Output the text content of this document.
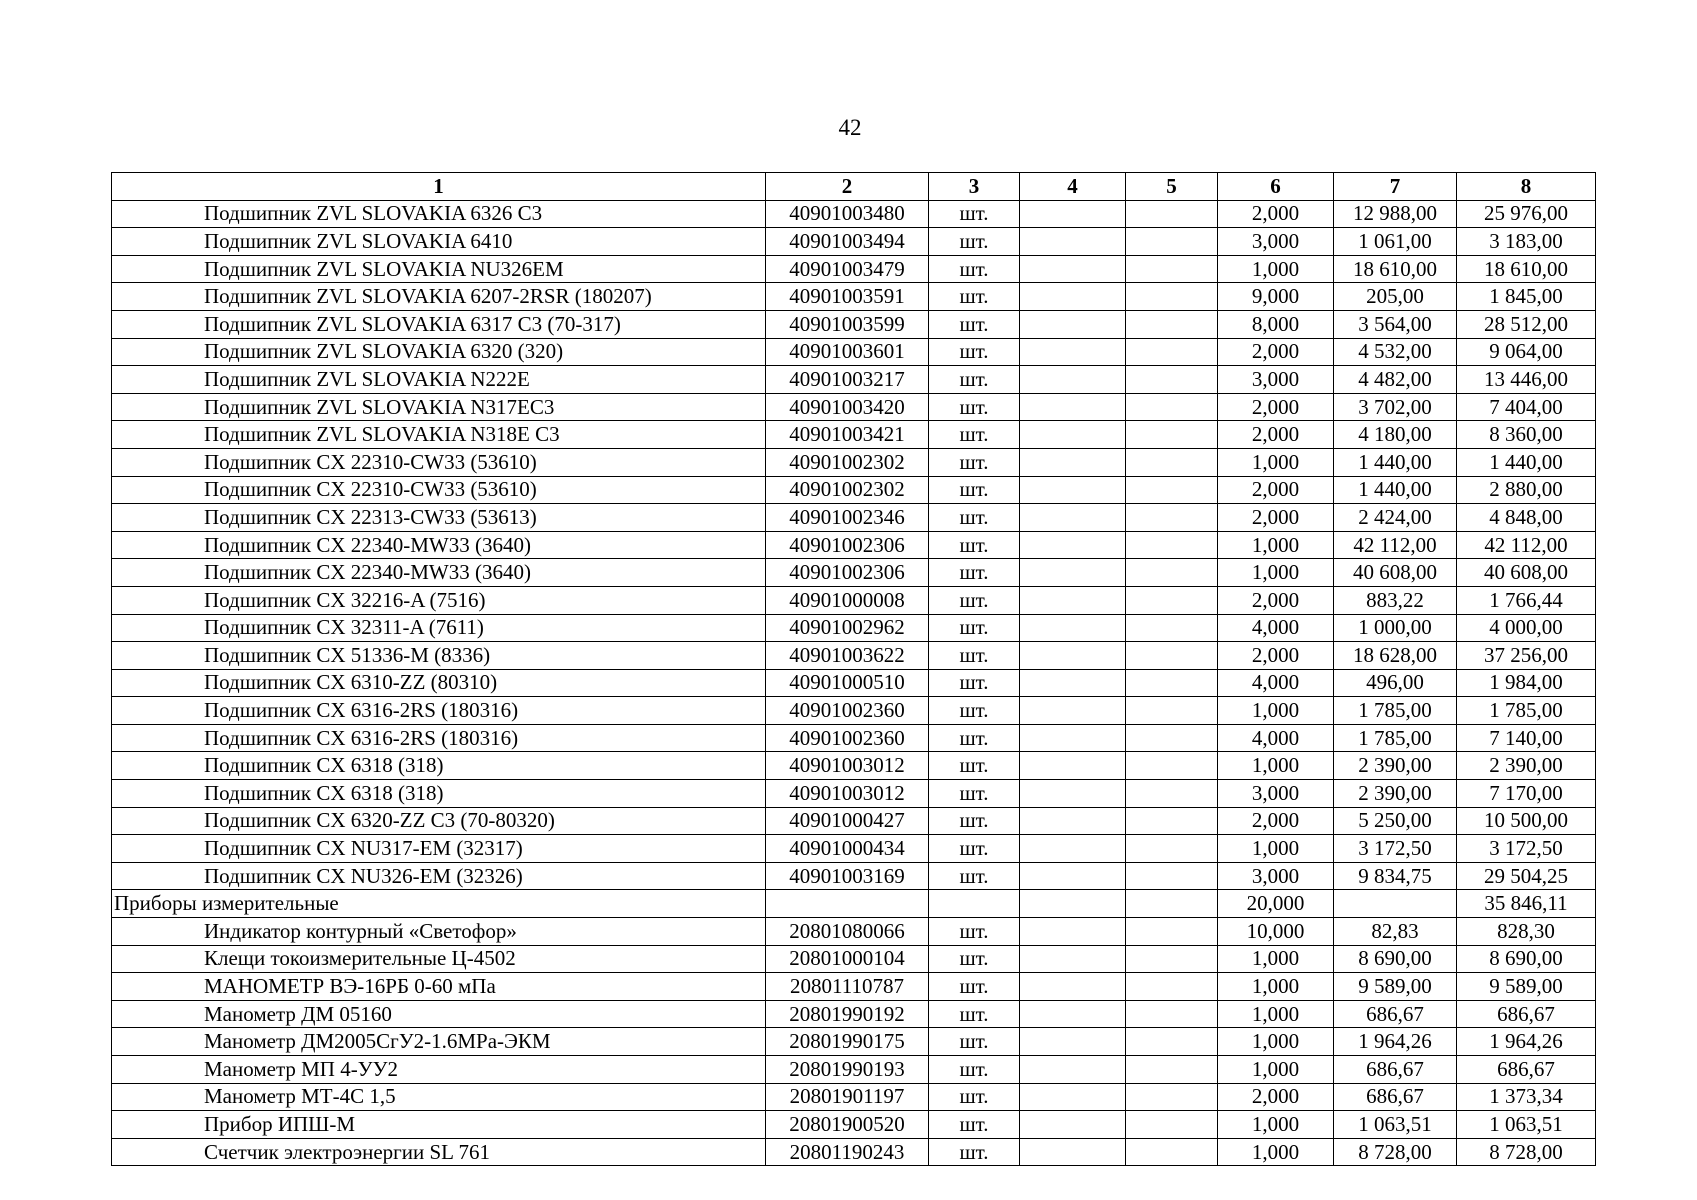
42
1	2	3	4	5	6	7	8
Подшипник ZVL SLOVAKIA 6326 C3	40901003480	шт.			2,000	12 988,00	25 976,00
Подшипник ZVL SLOVAKIA 6410	40901003494	шт.			3,000	1 061,00	3 183,00
Подшипник ZVL SLOVAKIA NU326EM	40901003479	шт.			1,000	18 610,00	18 610,00
Подшипник ZVL SLOVAKIA 6207-2RSR (180207)	40901003591	шт.			9,000	205,00	1 845,00
Подшипник ZVL SLOVAKIA 6317 C3 (70-317)	40901003599	шт.			8,000	3 564,00	28 512,00
Подшипник ZVL SLOVAKIA 6320 (320)	40901003601	шт.			2,000	4 532,00	9 064,00
Подшипник ZVL SLOVAKIA N222E	40901003217	шт.			3,000	4 482,00	13 446,00
Подшипник ZVL SLOVAKIA N317EC3	40901003420	шт.			2,000	3 702,00	7 404,00
Подшипник ZVL SLOVAKIA N318E C3	40901003421	шт.			2,000	4 180,00	8 360,00
Подшипник CX 22310-CW33 (53610)	40901002302	шт.			1,000	1 440,00	1 440,00
Подшипник CX 22310-CW33 (53610)	40901002302	шт.			2,000	1 440,00	2 880,00
Подшипник CX 22313-CW33 (53613)	40901002346	шт.			2,000	2 424,00	4 848,00
Подшипник CX 22340-MW33 (3640)	40901002306	шт.			1,000	42 112,00	42 112,00
Подшипник CX 22340-MW33 (3640)	40901002306	шт.			1,000	40 608,00	40 608,00
Подшипник CX 32216-A (7516)	40901000008	шт.			2,000	883,22	1 766,44
Подшипник CX 32311-A (7611)	40901002962	шт.			4,000	1 000,00	4 000,00
Подшипник CX 51336-M (8336)	40901003622	шт.			2,000	18 628,00	37 256,00
Подшипник CX 6310-ZZ (80310)	40901000510	шт.			4,000	496,00	1 984,00
Подшипник CX 6316-2RS (180316)	40901002360	шт.			1,000	1 785,00	1 785,00
Подшипник CX 6316-2RS (180316)	40901002360	шт.			4,000	1 785,00	7 140,00
Подшипник CX 6318 (318)	40901003012	шт.			1,000	2 390,00	2 390,00
Подшипник CX 6318 (318)	40901003012	шт.			3,000	2 390,00	7 170,00
Подшипник CX 6320-ZZ C3 (70-80320)	40901000427	шт.			2,000	5 250,00	10 500,00
Подшипник CX NU317-EM (32317)	40901000434	шт.			1,000	3 172,50	3 172,50
Подшипник CX NU326-EM (32326)	40901003169	шт.			3,000	9 834,75	29 504,25
Приборы измерительные					20,000		35 846,11
Индикатор контурный «Светофор»	20801080066	шт.			10,000	82,83	828,30
Клещи токоизмерительные Ц-4502	20801000104	шт.			1,000	8 690,00	8 690,00
МАНОМЕТР ВЭ-16РБ 0-60 мПа	20801110787	шт.			1,000	9 589,00	9 589,00
Манометр ДМ 05160	20801990192	шт.			1,000	686,67	686,67
Манометр ДМ2005СгУ2-1.6МРа-ЭКМ	20801990175	шт.			1,000	1 964,26	1 964,26
Манометр МП 4-УУ2	20801990193	шт.			1,000	686,67	686,67
Манометр МТ-4С 1,5	20801901197	шт.			2,000	686,67	1 373,34
Прибор ИПШ-М	20801900520	шт.			1,000	1 063,51	1 063,51
Счетчик электроэнергии SL 761	20801190243	шт.			1,000	8 728,00	8 728,00
